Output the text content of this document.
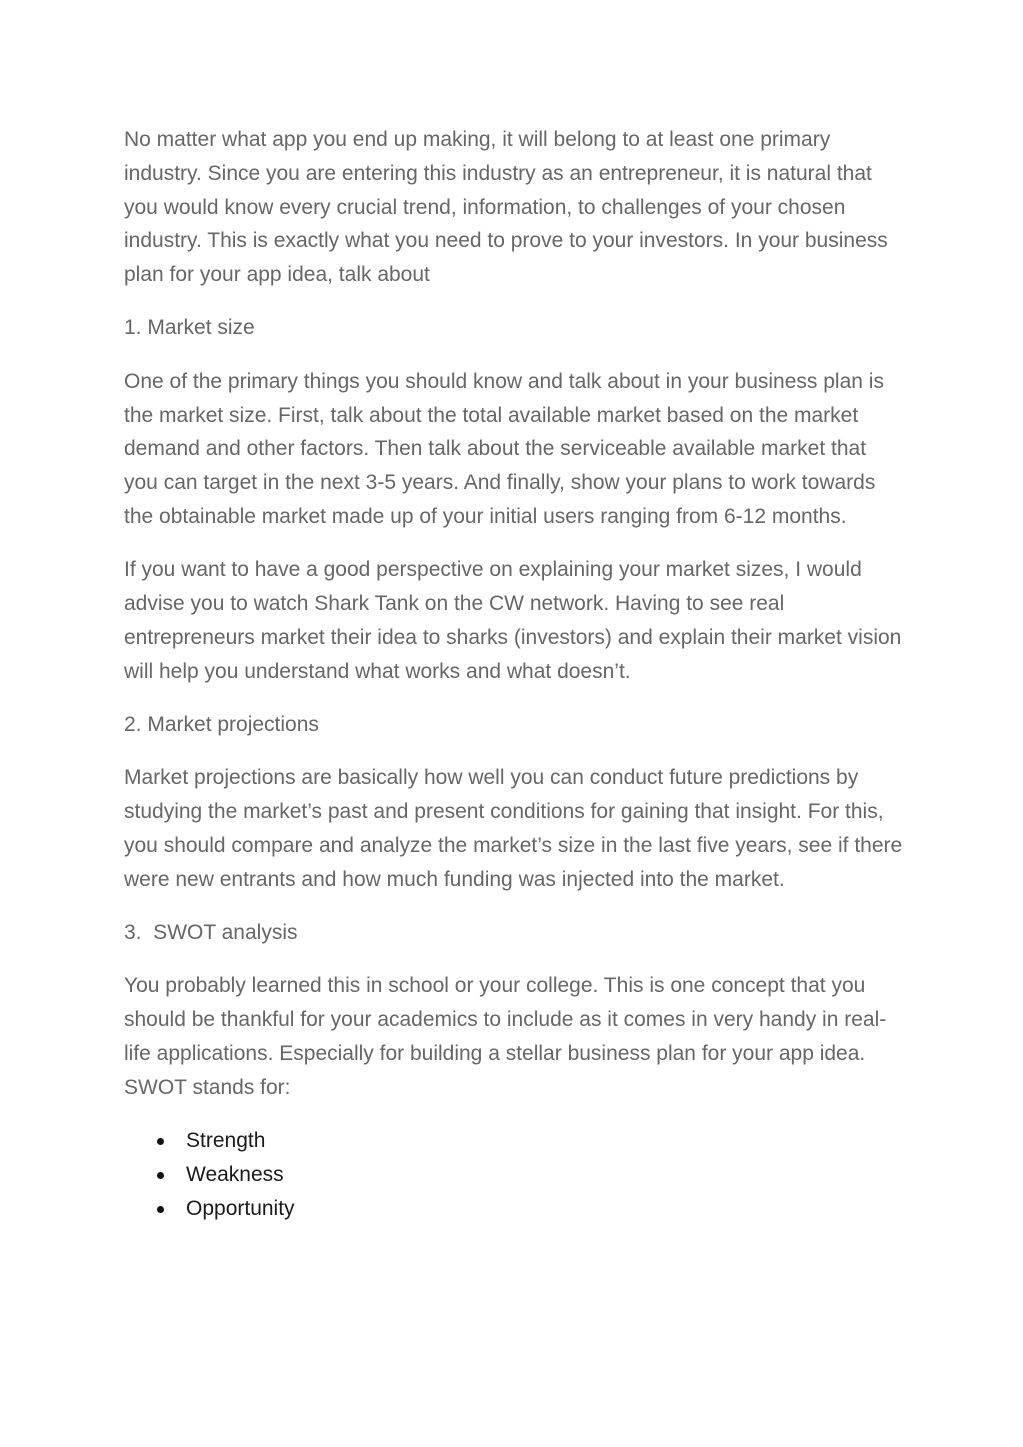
No matter what app you end up making, it will belong to at least one primary industry. Since you are entering this industry as an entrepreneur, it is natural that you would know every crucial trend, information, to challenges of your chosen industry. This is exactly what you need to prove to your investors. In your business plan for your app idea, talk about

1. Market size

One of the primary things you should know and talk about in your business plan is the market size. First, talk about the total available market based on the market demand and other factors. Then talk about the serviceable available market that you can target in the next 3-5 years. And finally, show your plans to work towards the obtainable market made up of your initial users ranging from 6-12 months.

If you want to have a good perspective on explaining your market sizes, I would advise you to watch Shark Tank on the CW network. Having to see real entrepreneurs market their idea to sharks (investors) and explain their market vision will help you understand what works and what doesn’t.

2. Market projections

Market projections are basically how well you can conduct future predictions by studying the market’s past and present conditions for gaining that insight. For this, you should compare and analyze the market’s size in the last five years, see if there were new entrants and how much funding was injected into the market.

3.  SWOT analysis

You probably learned this in school or your college. This is one concept that you should be thankful for your academics to include as it comes in very handy in real-life applications. Especially for building a stellar business plan for your app idea. SWOT stands for:

Strength
Weakness
Opportunity
